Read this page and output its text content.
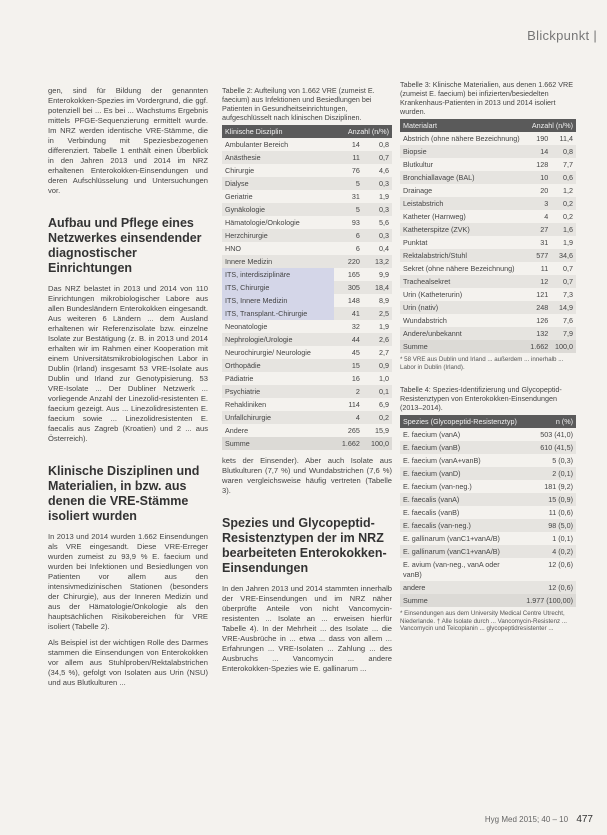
Blickpunkt |

gen, sind für Bildung der genannten Enterokokken-Spezies im Vordergrund, die ggf. potenziell bei ... Es bei ... Wachstums Ergebnis mittels PFGE-Sequenzierung ermittelt wurde. Im NRZ werden identische VRE-Stämme, die in Verbindung mit Speziesbezogenen differenziert. Tabelle 1 enthält einen Überblick in den Jahren 2013 und 2014 im NRZ erhaltenen Enterokokken-Einsendungen und deren Aufschlüsselung und Untersuchungen vor.

Aufbau und Pflege eines Netzwerkes einsendender diagnostischer Einrichtungen

Das NRZ belastet in 2013 und 2014 von 110 Einrichtungen mikrobiologischer Labore aus allen Bundesländern Enterokokken eingesandt. Aus weiteren 6 Ländern ... dem Ausland erhaltenen wir Referenzisolate bzw. einzelne Isolate zur Bestätigung (z. B. in 2013 und 2014 erhalten wir im Rahmen einer Kooperation mit einem Universitätsmikrobiologischen Labor in Dublin (Irland) insgesamt 53 VRE-Isolate aus Dublin und Irland zur Genotypisierung. 53 VRE-Isolate ... Der Dubliner Netzwerk ... vorliegende Anzahl der Linezolid-resistenten E. faecium gezeigt. Aus ... Linezolidresistenten E. faecium sowie ... Linezolidresistenten E. faecalis aus Zagreb (Kroatien) und 2 ... aus Österreich).

Klinische Disziplinen und Materialien, in bzw. aus denen die VRE-Stämme isoliert wurden

In 2013 und 2014 wurden 1.662 Einsendungen als VRE eingesandt. Diese VRE-Erreger wurden zumeist zu 93,9 % E. faecium und wurden bei Infektionen und Besiedlungen von Patienten vor allem aus den intensivmedizinischen Stationen (besonders der Chirurgie), aus der Inneren Medizin und aus der Hämatologie/Onkologie als den hauptsächlichen Risikobereichen für VRE isoliert (Tabelle 2).

Als Beispiel ist der wichtigen Rolle des Darmes stammen die Einsendungen von Enterokokken vor allem aus Stuhlproben/Rektalabstrichen (34,5 %), gefolgt von Isolaten aus Urin (NSU) und aus Blutkulturen ...

Tabelle 2: Aufteilung von 1.662 VRE (zumeist E. faecium) aus Infektionen und Besiedlungen bei Patienten in Gesundheitseinrichtungen, aufgeschlüsselt nach klinischen Disziplinen.
Klinische Disziplin	Anzahl (n/%)	
Ambulanter Bereich	14	0,8
Anästhesie	11	0,7
Chirurgie	76	4,6
Dialyse	5	0,3
Geriatrie	31	1,9
Gynäkologie	5	0,3
Hämatologie/Onkologie	93	5,6
Herzchirurgie	6	0,3
HNO	6	0,4
Innere Medizin	220	13,2
ITS, interdisziplinäre	165	9,9
ITS, Chirurgie	305	18,4
ITS, Innere Medizin	148	8,9
ITS, Transplant.-Chirurgie	41	2,5
Neonatologie	32	1,9
Nephrologie/Urologie	44	2,6
Neurochirurgie/ Neurologie	45	2,7
Orthopädie	15	0,9
Pädiatrie	16	1,0
Psychiatrie	2	0,1
Rehakliniken	114	6,9
Unfallchirurgie	4	0,2
Andere	265	15,9
Summe	1.662	100,0

kets der Einsender). Aber auch Isolate aus Blutkulturen (7,7 %) und Wundabstrichen (7,6 %) waren vergleichsweise häufig vertreten (Tabelle 3).

Spezies und Glycopeptid-Resistenztypen der im NRZ bearbeiteten Enterokokken-Einsendungen

In den Jahren 2013 und 2014 stammten innerhalb der VRE-Einsendungen und im NRZ näher überprüfte Anteile von nicht Vancomycin-resistenten ... Isolate an ... erweisen hierfür Tabelle 4). In der Mehrheit ... des Isolate ... die VRE-Ausbrüche in ... etwa ... dass von allem ... Erfahrungen ... VRE-Isolaten ... Zahlung ... des Ausbruchs ... Vancomycin ... andere Enterokokken-Spezies wie E. gallinarum ...

Tabelle 3: Klinische Materialien, aus denen 1.662 VRE (zumeist E. faecium) bei infizierten/besiedelten Krankenhaus-Patienten in 2013 und 2014 isoliert wurden.
Materialart	Anzahl (n/%)	
Abstrich (ohne nähere Bezeichnung)	190	11,4
Biopsie	14	0,8
Blutkultur	128	7,7
Bronchiallavage (BAL)	10	0,6
Drainage	20	1,2
Leistabstrich	3	0,2
Katheter (Harnweg)	4	0,2
Katheterspitze (ZVK)	27	1,6
Punktat	31	1,9
Rektalabstrich/Stuhl	577	34,6
Sekret (ohne nähere Bezeichnung)	11	0,7
Trachealsekret	12	0,7
Urin (Katheterurin)	121	7,3
Urin (nativ)	248	14,9
Wundabstrich	126	7,6
Andere/unbekannt	132	7,9
Summe	1.662	100,0
* 58 VRE aus Dublin und Irland ... außerdem ... innerhalb ... Labor in Dublin (Irland).
Tabelle 4: Spezies-Identifizierung und Glycopeptid-Resistenztypen von Enterokokken-Einsendungen (2013–2014).
Spezies (Glycopeptid-Resistenztyp)	n (%)
E. faecium (vanA)	503 (41,0)
E. faecium (vanB)	610 (41,5)
E. faecium (vanA+vanB)	5 (0,3)
E. faecium (vanD)	2 (0,1)
E. faecium (van-neg.)	181 (9,2)
E. faecalis (vanA)	15 (0,9)
E. faecalis (vanB)	11 (0,6)
E. faecalis (van-neg.)	98 (5,0)
E. gallinarum (vanC1+vanA/B)	1 (0,1)
E. gallinarum (vanC1+vanA/B)	4 (0,2)
E. avium (van-neg., vanA oder vanB)	12 (0,6)
andere	12 (0,6)
Summe	1.977 (100,00)
* Einsendungen aus dem University Medical Centre Utrecht, Niederlande. † Alle Isolate durch ... Vancomycin-Resistenz ... Vancomycin und Teicoplanin ... glycopeptidresistenter ...
Hyg Med 2015; 40 – 10 477
